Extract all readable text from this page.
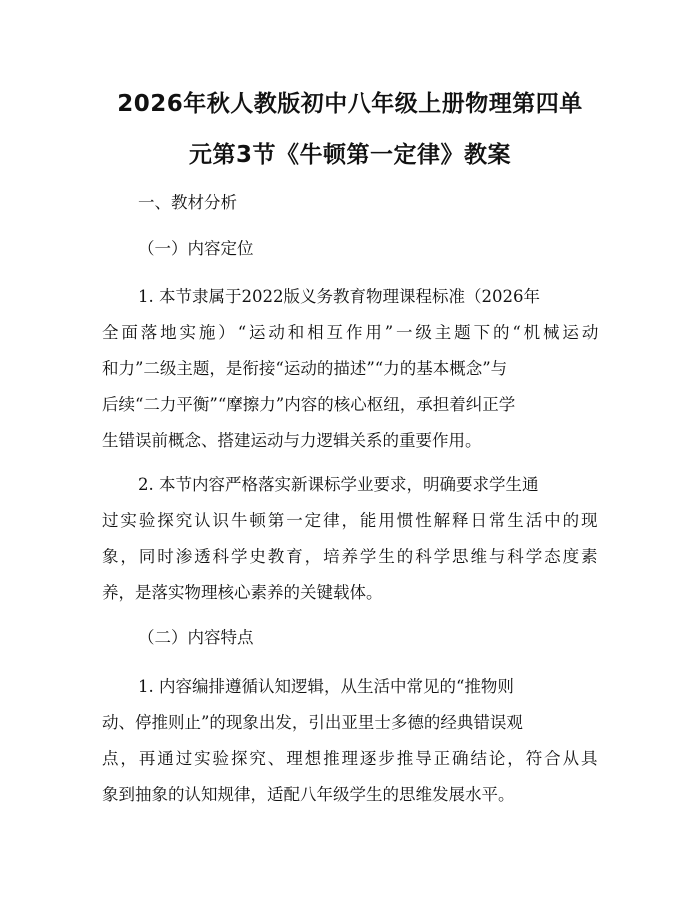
2026年秋人教版初中八年级上册物理第四单
元第3节《牛顿第一定律》教案
一、教材分析
（一）内容定位
1. 本节隶属于2022版义务教育物理课程标准（2026年
全面落地实施）“运动和相互作用”一级主题下的“机械运动
和力”二级主题，是衔接“运动的描述”“力的基本概念”与
后续“二力平衡”“摩擦力”内容的核心枢纽，承担着纠正学
生错误前概念、搭建运动与力逻辑关系的重要作用。
2. 本节内容严格落实新课标学业要求，明确要求学生通
过实验探究认识牛顿第一定律，能用惯性解释日常生活中的现
象，同时渗透科学史教育，培养学生的科学思维与科学态度素
养，是落实物理核心素养的关键载体。
（二）内容特点
1. 内容编排遵循认知逻辑，从生活中常见的“推物则
动、停推则止”的现象出发，引出亚里士多德的经典错误观
点，再通过实验探究、理想推理逐步推导正确结论，符合从具
象到抽象的认知规律，适配八年级学生的思维发展水平。
